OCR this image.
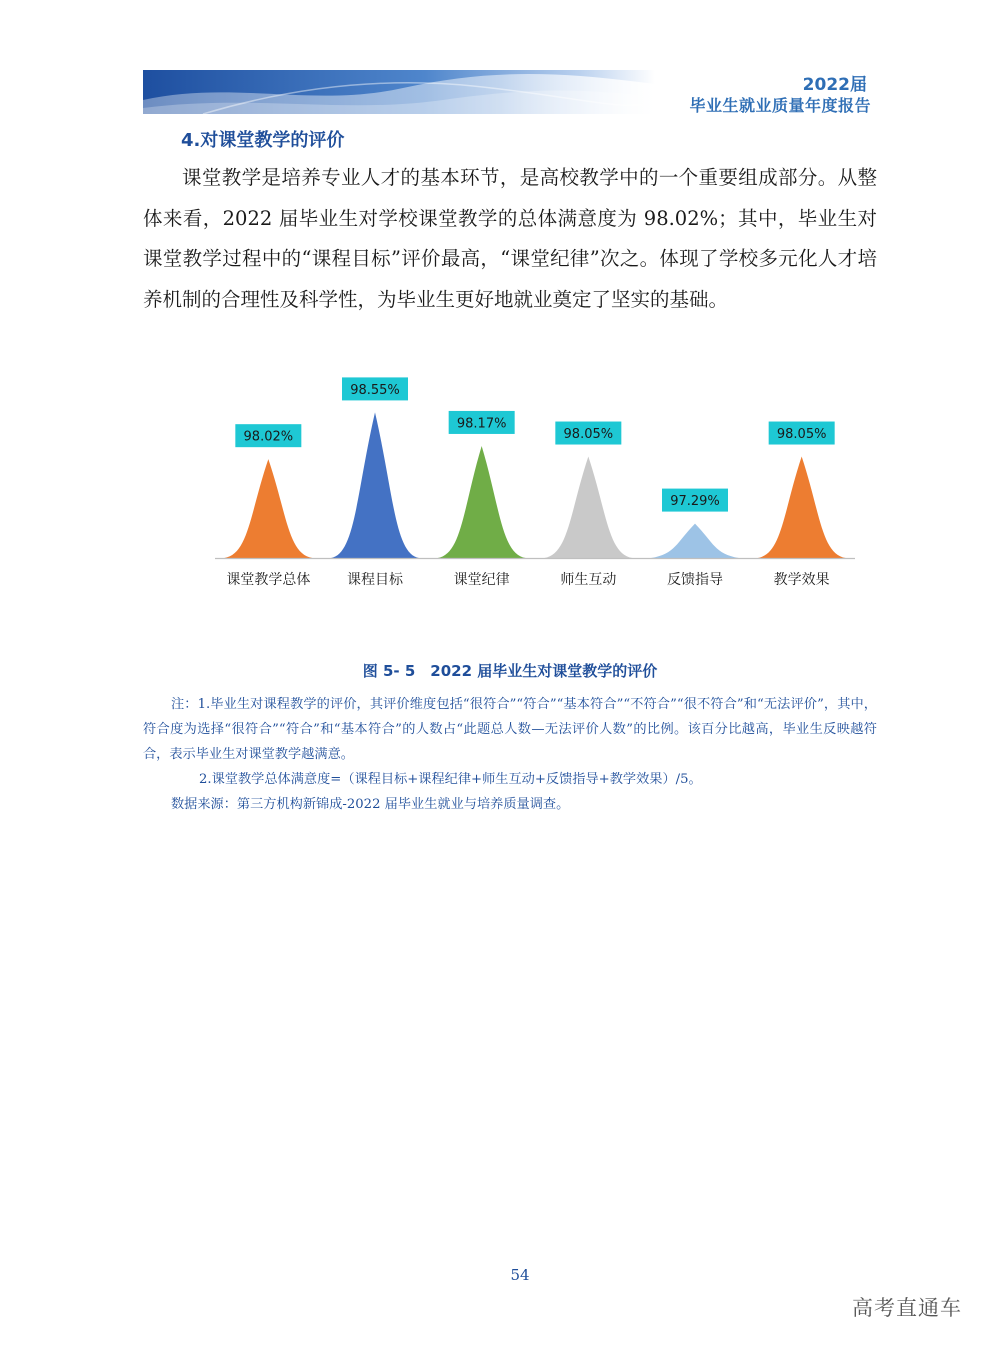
2022届
毕业生就业质量年度报告
4.对课堂教学的评价

课堂教学是培养专业人才的基本环节，是高校教学中的一个重要组成部分。从整体来看，2022 届毕业生对学校课堂教学的总体满意度为 98.02%；其中，毕业生对课堂教学过程中的“课程目标”评价最高，“课堂纪律”次之。体现了学校多元化人才培养机制的合理性及科学性，为毕业生更好地就业奠定了坚实的基础。

98.02%
课堂教学总体
98.55%
课程目标
98.17%
课堂纪律
98.05%
师生互动
97.29%
反馈指导
98.05%
教学效果
图 5- 5　2022 届毕业生对课堂教学的评价
注：1.毕业生对课程教学的评价，其评价维度包括“很符合”“符合”“基本符合”“不符合”“很不符合”和“无法评价”，其中，符合度为选择“很符合”“符合”和“基本符合”的人数占“此题总人数—无法评价人数”的比例。该百分比越高，毕业生反映越符合，表示毕业生对课堂教学越满意。
2.课堂教学总体满意度=（课程目标+课程纪律+师生互动+反馈指导+教学效果）/5。
数据来源：第三方机构新锦成-2022 届毕业生就业与培养质量调查。
54
高考直通车
